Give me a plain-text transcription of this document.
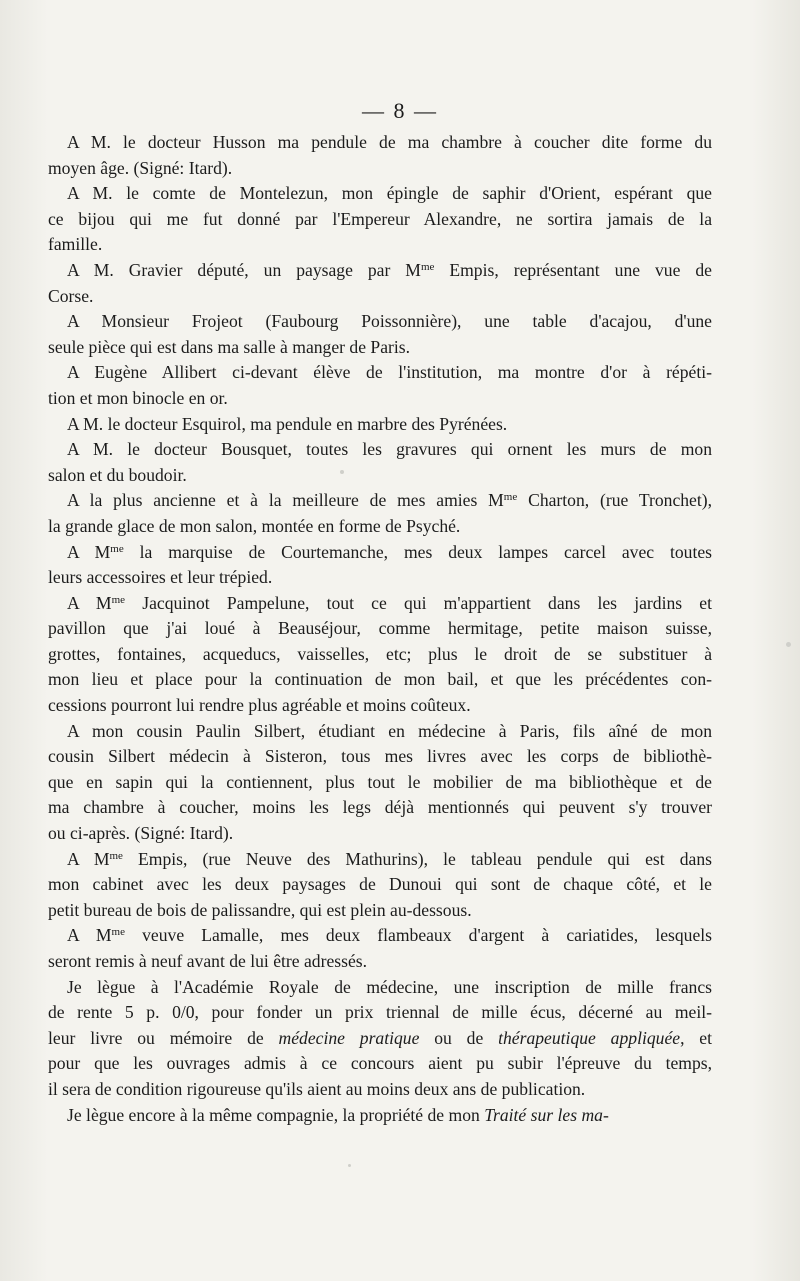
— 8 —
A M. le docteur Husson ma pendule de ma chambre à coucher dite forme du
moyen âge. (Signé: Itard).
A M. le comte de Montelezun, mon épingle de saphir d'Orient, espérant que
ce bijou qui me fut donné par l'Empereur Alexandre, ne sortira jamais de la
famille.
A M. Gravier député, un paysage par $M^{me}$ Empis, représentant une vue de
Corse.
A Monsieur Frojeot (Faubourg Poissonnière), une table d'acajou, d'une
seule pièce qui est dans ma salle à manger de Paris.
A Eugène Allibert ci-devant élève de l'institution, ma montre d'or à répéti-
tion et mon binocle en or.
A M. le docteur Esquirol, ma pendule en marbre des Pyrénées.
A M. le docteur Bousquet, toutes les gravures qui ornent les murs de mon
salon et du boudoir.
A la plus ancienne et à la meilleure de mes amies $M^{me}$ Charton, (rue Tronchet),
la grande glace de mon salon, montée en forme de Psyché.
A $M^{me}$ la marquise de Courtemanche, mes deux lampes carcel avec toutes
leurs accessoires et leur trépied.
A $M^{me}$ Jacquinot Pampelune, tout ce qui m'appartient dans les jardins et
pavillon que j'ai loué à Beauséjour, comme hermitage, petite maison suisse,
grottes, fontaines, acqueducs, vaisselles, etc; plus le droit de se substituer à
mon lieu et place pour la continuation de mon bail, et que les précédentes con-
cessions pourront lui rendre plus agréable et moins coûteux.
A mon cousin Paulin Silbert, étudiant en médecine à Paris, fils aîné de mon
cousin Silbert médecin à Sisteron, tous mes livres avec les corps de bibliothè-
que en sapin qui la contiennent, plus tout le mobilier de ma bibliothèque et de
ma chambre à coucher, moins les legs déjà mentionnés qui peuvent s'y trouver
ou ci-après. (Signé: Itard).
A $M^{me}$ Empis, (rue Neuve des Mathurins), le tableau pendule qui est dans
mon cabinet avec les deux paysages de Dunoui qui sont de chaque côté, et le
petit bureau de bois de palissandre, qui est plein au-dessous.
A $M^{me}$ veuve Lamalle, mes deux flambeaux d'argent à cariatides, lesquels
seront remis à neuf avant de lui être adressés.
Je lègue à l'Académie Royale de médecine, une inscription de mille francs
de rente 5 p. 0/0, pour fonder un prix triennal de mille écus, décerné au meil-
leur livre ou mémoire de médecine pratique ou de thérapeutique appliquée, et
pour que les ouvrages admis à ce concours aient pu subir l'épreuve du temps,
il sera de condition rigoureuse qu'ils aient au moins deux ans de publication.
Je lègue encore à la même compagnie, la propriété de mon Traité sur les ma-
